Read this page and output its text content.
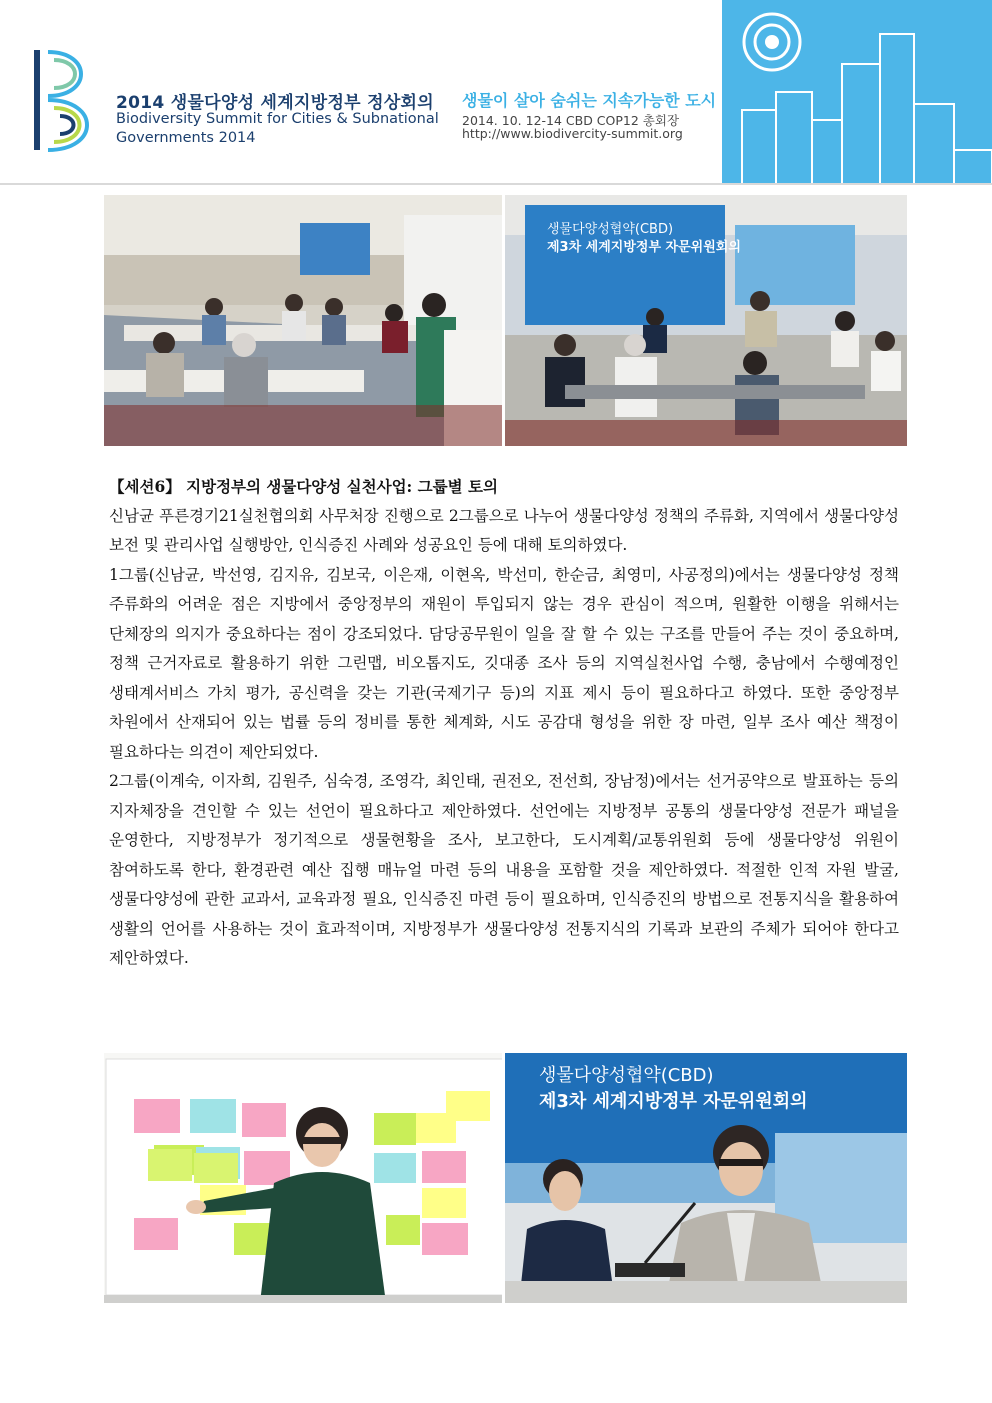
2014 생물다양성 세계지방정부 정상회의
Biodiversity Summit for Cities & Subnational
Governments 2014
생물이 살아 숨쉬는 지속가능한 도시
2014. 10. 12-14 CBD COP12 총회장
http://www.biodivercity-summit.org
생물다양성협약(CBD)
제3차 세계지방정부 자문위원회의

【세션6】 지방정부의 생물다양성 실천사업: 그룹별 토의

신남균 푸른경기21실천협의회 사무처장 진행으로 2그룹으로 나누어 생물다양성 정책의 주류화, 지역에서 생물다양성 보전 및 관리사업 실행방안, 인식증진 사례와 성공요인 등에 대해 토의하였다.

1그룹(신남균, 박선영, 김지유, 김보국, 이은재, 이현옥, 박선미, 한순금, 최영미, 사공정의)에서는 생물다양성 정책 주류화의 어려운 점은 지방에서 중앙정부의 재원이 투입되지 않는 경우 관심이 적으며, 원활한 이행을 위해서는 단체장의 의지가 중요하다는 점이 강조되었다. 담당공무원이 일을 잘 할 수 있는 구조를 만들어 주는 것이 중요하며, 정책 근거자료로 활용하기 위한 그린맵, 비오톱지도, 깃대종 조사 등의 지역실천사업 수행, 충남에서 수행예정인 생태계서비스 가치 평가, 공신력을 갖는 기관(국제기구 등)의 지표 제시 등이 필요하다고 하였다. 또한 중앙정부 차원에서 산재되어 있는 법률 등의 정비를 통한 체계화, 시도 공감대 형성을 위한 장 마련, 일부 조사 예산 책정이 필요하다는 의견이 제안되었다.

2그룹(이계숙, 이자희, 김원주, 심숙경, 조영각, 최인태, 권전오, 전선희, 장남정)에서는 선거공약으로 발표하는 등의 지자체장을 견인할 수 있는 선언이 필요하다고 제안하였다. 선언에는 지방정부 공통의 생물다양성 전문가 패널을 운영한다, 지방정부가 정기적으로 생물현황을 조사, 보고한다, 도시계획/교통위원회 등에 생물다양성 위원이 참여하도록 한다, 환경관련 예산 집행 매뉴얼 마련 등의 내용을 포함할 것을 제안하였다. 적절한 인적 자원 발굴, 생물다양성에 관한 교과서, 교육과정 필요, 인식증진 마련 등이 필요하며, 인식증진의 방법으로 전통지식을 활용하여 생활의 언어를 사용하는 것이 효과적이며, 지방정부가 생물다양성 전통지식의 기록과 보관의 주체가 되어야 한다고 제안하였다.

생물다양성협약(CBD)
제3차 세계지방정부 자문위원회의
